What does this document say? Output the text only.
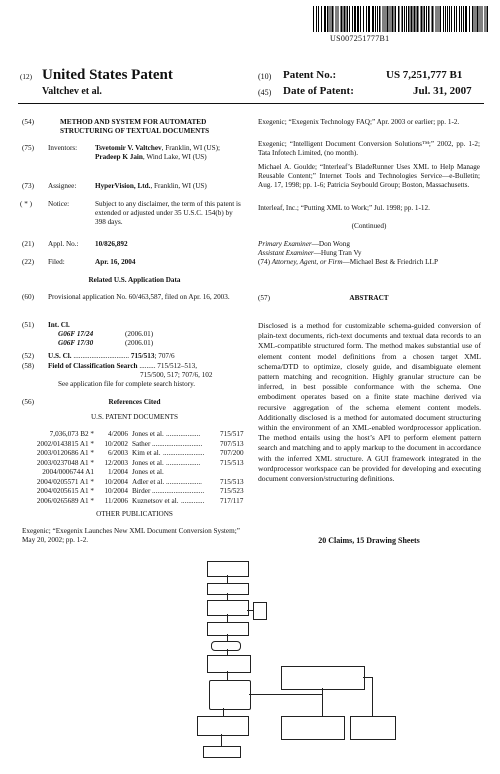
US007251777B1
(12) United States Patent
Valtchev et al.
(10) Patent No.:	US 7,251,777 B1
(45) Date of Patent:	Jul. 31, 2007
(54)	METHOD AND SYSTEM FOR AUTOMATED STRUCTURING OF TEXTUAL DOCUMENTS
(75) Inventors: Tsvetomir V. Valtchev, Franklin, WI (US); Pradeep K Jain, Wind Lake, WI (US)
(73) Assignee:	HyperVision, Ltd., Franklin, WI (US)
( * ) Notice:	Subject to any disclaimer, the term of this patent is extended or adjusted under 35 U.S.C. 154(b) by 398 days.
(21) Appl. No.: 10/826,892
(22) Filed:	Apr. 16, 2004
Related U.S. Application Data
(60) Provisional application No. 60/463,587, filed on Apr. 16, 2003.
(51) Int. Cl.
G06F 17/24	(2006.01)
G06F 17/30	(2006.01)
(52) U.S. Cl. ............................... 715/513; 707/6
(58) Field of Classification Search ......... 715/512–513,
715/500, 517; 707/6, 102
See application file for complete search history.
(56)	References Cited
U.S. PATENT DOCUMENTS
7,036,073 B2 *	4/2006 Jones et al. ...................	715/517
2002/0143815 A1 *	10/2002 Sather ............................	707/513
2003/0120686 A1 *	6/2003 Kim et al. .......................	707/200
2003/0237048 A1 *	12/2003 Jones et al. ...................	715/513
2004/0006744 A1	1/2004 Jones et al.
2004/0205571 A1 *	10/2004 Adler et al. ....................	715/513
2004/0205615 A1 *	10/2004 Birder .............................	715/523
2006/0265689 A1 *	11/2006 Kuznetsov et al. .............	717/117
OTHER PUBLICATIONS
Exegenic; “Exegenix Launches New XML Document Conversion System;” May 20, 2002; pp. 1-2.
Exegenic; “Exegenix Technology FAQ;” Apr. 2003 or earlier; pp. 1-2.
Exegenic; “Intelligent Document Conversion Solutions™;” 2002, pp. 1-2; Tata Infotech Limited, (no month).
Michael A. Goulde; “Interleaf’s BladeRunner Uses XML to Help Manage Reusable Content;” Internet Tools and Technologies Service—e-Bulletin; Aug. 17, 1998; pp. 1-6; Patricia Seybould Group; Boston, Massachusetts.
Interleaf, Inc.; “Putting XML to Work;” Jul. 1998; pp. 1-12.
(Continued)
Primary Examiner—Don Wong
Assistant Examiner—Hung Tran Vy
(74) Attorney, Agent, or Firm—Michael Best & Friedrich LLP
(57)	ABSTRACT
Disclosed is a method for customizable schema-guided conversion of plain-text documents, rich-text documents and textual data records to an XML-compatible structured form. The method makes substantial use of element content model definitions from a chosen target XML schema/DTD to optimize, closely guide, and disambiguate element pattern matching and recognition. Highly granular structure can be inferred, in best possible conformance with the schema. One embodiment operates based on a finite state machine derived via recursive aggregation of the schema element content models. Additionally disclosed is a method for automated document structuring within the environment of an XML-enabled wordprocessor application. The method entails using the host’s API to perform element pattern search and matching and to apply markup to the document in accordance with the inferred XML structure. A GUI framework integrated in the wordprocessor workspace can be provided for developing and executing document conversion/structuring definitions.
20 Claims, 15 Drawing Sheets
